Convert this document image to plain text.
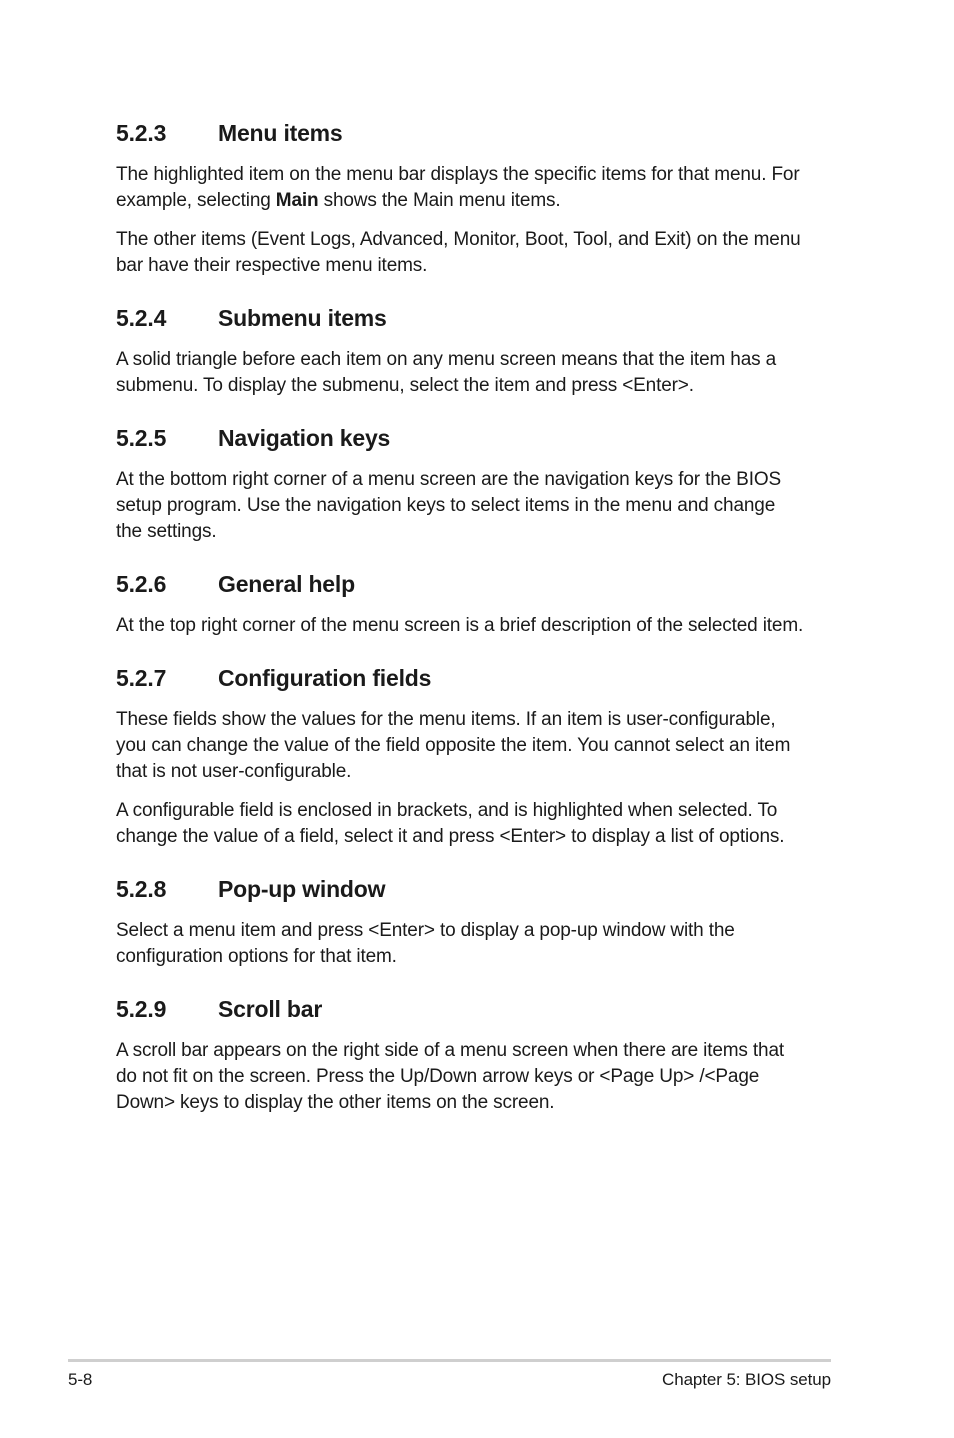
5.2.3	Menu items

The highlighted item on the menu bar displays the specific items for that menu. For
example, selecting Main shows the Main menu items.

The other items (Event Logs, Advanced, Monitor, Boot, Tool, and Exit) on the menu
bar have their respective menu items.

5.2.4	Submenu items

A solid triangle before each item on any menu screen means that the item has a
submenu. To display the submenu, select the item and press <Enter>.

5.2.5	Navigation keys

At the bottom right corner of a menu screen are the navigation keys for the BIOS
setup program. Use the navigation keys to select items in the menu and change
the settings.

5.2.6	General help

At the top right corner of the menu screen is a brief description of the selected item.

5.2.7	Configuration fields

These fields show the values for the menu items. If an item is user-configurable,
you can change the value of the field opposite the item. You cannot select an item
that is not user-configurable.

A configurable field is enclosed in brackets, and is highlighted when selected. To
change the value of a field, select it and press <Enter> to display a list of options.

5.2.8	Pop-up window

Select a menu item and press <Enter> to display a pop-up window with the
configuration options for that item.

5.2.9	Scroll bar

A scroll bar appears on the right side of a menu screen when there are items that
do not fit on the screen. Press the Up/Down arrow keys or <Page Up> /<Page
Down> keys to display the other items on the screen.

5-8	Chapter 5: BIOS setup
